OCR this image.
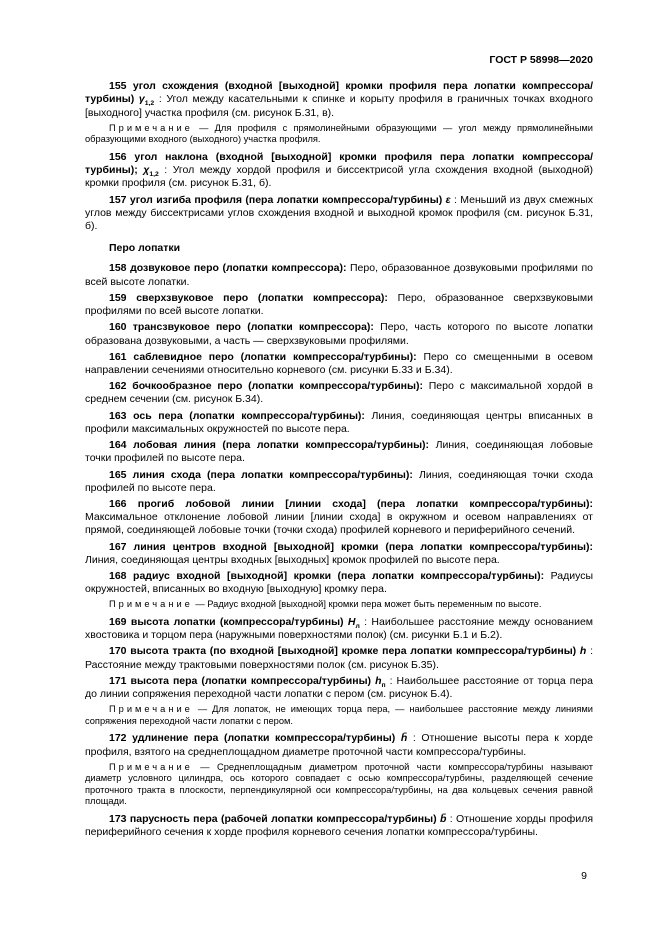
ГОСТ Р 58998—2020

155 угол схождения (входной [выходной] кромки профиля пера лопатки компрессора/турбины) $\gamma_{1,2}$ : Угол между касательными к спинке и корыту профиля в граничных точках входного [выходного] участка профиля (см. рисунок Б.31, в).

Примечание — Для профиля с прямолинейными образующими — угол между прямолинейными образующими входного (выходного) участка профиля.

156 угол наклона (входной [выходной] кромки профиля пера лопатки компрессора/турбины); $\chi_{1,2}$ : Угол между хордой профиля и биссектрисой угла схождения входной (выходной) кромки профиля (см. рисунок Б.31, б).

157 угол изгиба профиля (пера лопатки компрессора/турбины) ε : Меньший из двух смежных углов между биссектрисами углов схождения входной и выходной кромок профиля (см. рисунок Б.31, б).

Перо лопатки

158 дозвуковое перо (лопатки компрессора): Перо, образованное дозвуковыми профилями по всей высоте лопатки.

159 сверхзвуковое перо (лопатки компрессора): Перо, образованное сверхзвуковыми профилями по всей высоте лопатки.

160 трансзвуковое перо (лопатки компрессора): Перо, часть которого по высоте лопатки образована дозвуковыми, а часть — сверхзвуковыми профилями.

161 саблевидное перо (лопатки компрессора/турбины): Перо со смещенными в осевом направлении сечениями относительно корневого (см. рисунки Б.33 и Б.34).

162 бочкообразное перо (лопатки компрессора/турбины): Перо с максимальной хордой в среднем сечении (см. рисунок Б.34).

163 ось пера (лопатки компрессора/турбины): Линия, соединяющая центры вписанных в профили максимальных окружностей по высоте пера.

164 лобовая линия (пера лопатки компрессора/турбины): Линия, соединяющая лобовые точки профилей по высоте пера.

165 линия схода (пера лопатки компрессора/турбины): Линия, соединяющая точки схода профилей по высоте пера.

166 прогиб лобовой линии [линии схода] (пера лопатки компрессора/турбины): Максимальное отклонение лобовой линии [линии схода] в окружном и осевом направлениях от прямой, соединяющей лобовые точки (точки схода) профилей корневого и периферийного сечений.

167 линия центров входной [выходной] кромки (пера лопатки компрессора/турбины): Линия, соединяющая центры входных [выходных] кромок профилей по высоте пера.

168 радиус входной [выходной] кромки (пера лопатки компрессора/турбины): Радиусы окружностей, вписанных во входную [выходную] кромку пера.

Примечание — Радиус входной [выходной] кромки пера может быть переменным по высоте.

169 высота лопатки (компрессора/турбины) $H_л$ : Наибольшее расстояние между основанием хвостовика и торцом пера (наружными поверхностями полок) (см. рисунки Б.1 и Б.2).

170 высота тракта (по входной [выходной] кромке пера лопатки компрессора/турбины) h : Расстояние между трактовыми поверхностями полок (см. рисунок Б.35).

171 высота пера (лопатки компрессора/турбины) $h_п$ : Наибольшее расстояние от торца пера до линии сопряжения переходной части лопатки с пером (см. рисунок Б.4).

Примечание — Для лопаток, не имеющих торца пера, — наибольшее расстояние между линиями сопряжения переходной части лопатки с пером.

172 удлинение пера (лопатки компрессора/турбины) h̄ : Отношение высоты пера к хорде профиля, взятого на среднеплощадном диаметре проточной части компрессора/турбины.

Примечание — Среднеплощадным диаметром проточной части компрессора/турбины называют диаметр условного цилиндра, ось которого совпадает с осью компрессора/турбины, разделяющей сечение проточного тракта в плоскости, перпендикулярной оси компрессора/турбины, на два кольцевых сечения равной площади.

173 парусность пера (рабочей лопатки компрессора/турбины) b̄ : Отношение хорды профиля периферийного сечения к хорде профиля корневого сечения лопатки компрессора/турбины.

9
